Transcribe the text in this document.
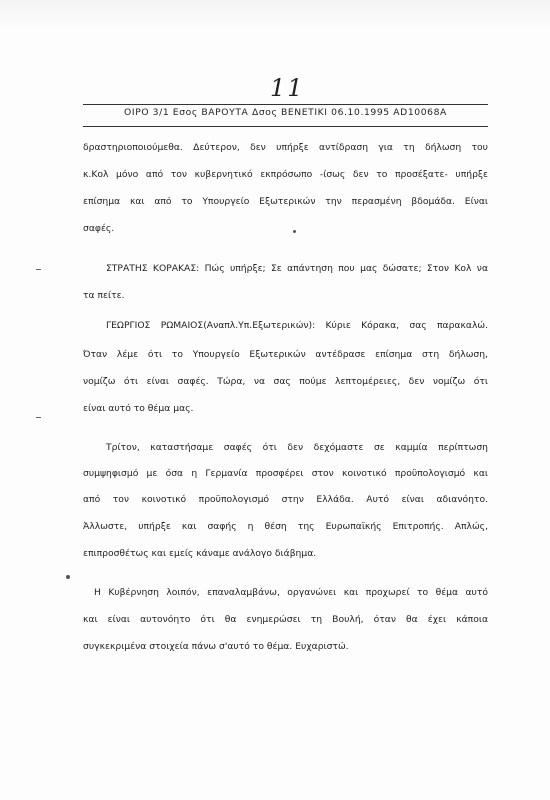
11
OIPO 3/1 Εσος ΒΑΡΟΥΤΑ Δσος ΒΕΝΕΤΙΚΙ 06.10.1995 ΑD10068Α
δραστηριοποιούμεθα. Δεύτερον, δεν υπήρξε αντίδραση για τη δήλωση του
κ.Κολ μόνο από τον κυβερνητικό εκπρόσωπο -ίσως δεν το προσέξατε- υπήρξε
επίσημα και από το Υπουργείο Εξωτερικών την περασμένη βδομάδα. Είναι
σαφές.
ΣΤΡΑΤΗΣ ΚΟΡΑΚΑΣ: Πώς υπήρξε; Σε απάντηση που μας δώσατε; Στον Κολ να
τα πείτε.
ΓΕΩΡΓΙΟΣ ΡΩΜΑΙΟΣ(Αναπλ.Υπ.Εξωτερικών): Κύριε Κόρακα, σας παρακαλώ.
Όταν λέμε ότι το Υπουργείο Εξωτερικών αντέδρασε επίσημα στη δήλωση,
νομίζω ότι είναι σαφές. Τώρα, να σας πούμε λεπτομέρειες, δεν νομίζω ότι
είναι αυτό το θέμα μας.
Τρίτον, καταστήσαμε σαφές ότι δεν δεχόμαστε σε καμμία περίπτωση
συμψηφισμό με όσα η Γερμανία προσφέρει στον κοινοτικό προϋπολογισμό και
από τον κοινοτικό προϋπολογισμό στην Ελλάδα. Αυτό είναι αδιανόητο.
Άλλωστε, υπήρξε και σαφής η θέση της Ευρωπαϊκής Επιτροπής. Απλώς,
επιπροσθέτως και εμείς κάναμε ανάλογο διάβημα.
Η Κυβέρνηση λοιπόν, επαναλαμβάνω, οργανώνει και προχωρεί το θέμα αυτό
και είναι αυτονόητο ότι θα ενημερώσει τη Βουλή, όταν θα έχει κάποια
συγκεκριμένα στοιχεία πάνω σ'αυτό το θέμα. Ευχαριστώ.
